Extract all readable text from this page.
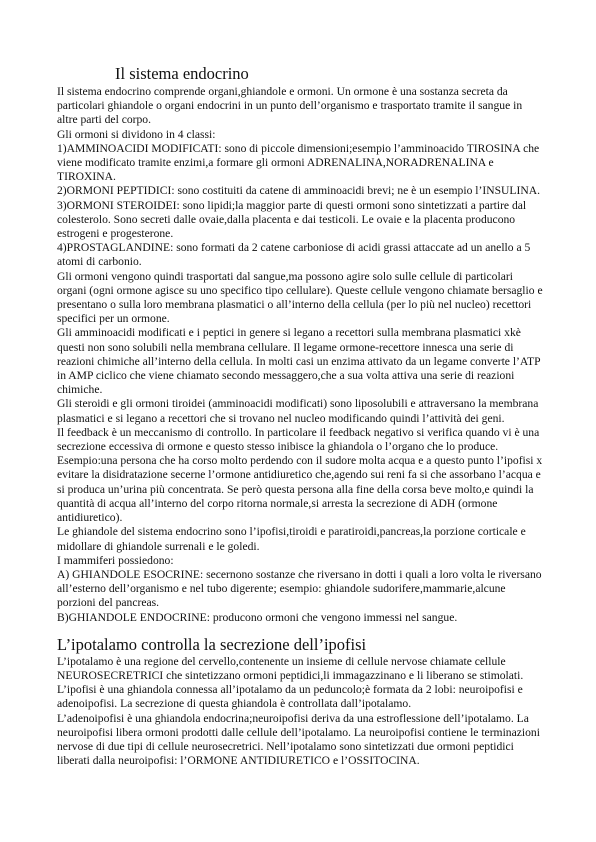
Il sistema endocrino

Il sistema endocrino comprende organi,ghiandole e ormoni. Un ormone è una sostanza secreta da particolari ghiandole o organi endocrini in un punto dell’organismo e trasportato tramite il sangue in altre parti del corpo.

Gli ormoni si dividono in 4 classi:

1)AMMINOACIDI MODIFICATI: sono di piccole dimensioni;esempio l’amminoacido TIROSINA che viene modificato tramite enzimi,a formare gli ormoni ADRENALINA,NORADRENALINA e TIROXINA.

2)ORMONI PEPTIDICI: sono costituiti da catene di amminoacidi brevi; ne è un esempio l’INSULINA.

3)ORMONI STEROIDEI: sono lipidi;la maggior parte di questi ormoni sono sintetizzati a partire dal colesterolo. Sono secreti dalle ovaie,dalla placenta e dai testicoli. Le ovaie e la placenta producono estrogeni e progesterone.

4)PROSTAGLANDINE: sono formati da 2 catene carboniose di acidi grassi attaccate ad un anello a 5 atomi di carbonio.

Gli ormoni vengono quindi trasportati dal sangue,ma possono agire solo sulle cellule di particolari organi (ogni ormone agisce su uno specifico tipo cellulare). Queste cellule vengono chiamate bersaglio e presentano o sulla loro membrana plasmatici o all’interno della cellula (per lo più nel nucleo) recettori specifici per un ormone.

Gli amminoacidi modificati e i peptici in genere si legano a recettori sulla membrana plasmatici xkè questi non sono solubili nella membrana cellulare. Il legame ormone-recettore innesca una serie di reazioni chimiche all’interno della cellula. In molti casi un enzima attivato da un legame converte l’ATP in AMP ciclico che viene chiamato secondo messaggero,che a sua volta attiva una serie di reazioni chimiche.

Gli steroidi e gli ormoni tiroidei (amminoacidi modificati) sono liposolubili e attraversano la membrana plasmatici e si legano a recettori che si trovano nel nucleo modificando quindi l’attività dei geni.

Il feedback è un meccanismo di controllo. In particolare il feedback negativo si verifica quando vi è una secrezione eccessiva di ormone e questo stesso inibisce la ghiandola o l’organo che lo produce. Esempio:una persona che ha corso molto perdendo con il sudore molta acqua e a questo punto l’ipofisi x evitare la disidratazione secerne l’ormone antidiuretico che,agendo sui reni fa si che assorbano l’acqua e si produca un’urina più concentrata. Se però questa persona alla fine della corsa beve molto,e quindi la quantità di acqua all’interno del corpo ritorna normale,si arresta la secrezione di ADH (ormone antidiuretico).

Le ghiandole del sistema endocrino sono l’ipofisi,tiroidi e paratiroidi,pancreas,la porzione corticale e midollare di ghiandole surrenali e le goledi.

I mammiferi possiedono:

A) GHIANDOLE ESOCRINE: secernono sostanze che riversano in dotti i quali a loro volta le riversano all’esterno dell’organismo e nel tubo digerente; esempio: ghiandole sudorifere,mammarie,alcune porzioni del pancreas.

B)GHIANDOLE ENDOCRINE: producono ormoni che vengono immessi nel sangue.

L’ipotalamo controlla la secrezione dell’ipofisi

L’ipotalamo è una regione del cervello,contenente un insieme di cellule nervose chiamate cellule NEUROSECRETRICI che sintetizzano ormoni peptidici,li immagazzinano e li liberano se stimolati. L’ipofisi è una ghiandola connessa all’ipotalamo da un peduncolo;è formata da 2 lobi: neuroipofisi e adenoipofisi. La secrezione di questa ghiandola è controllata dall’ipotalamo.

L’adenoipofisi è una ghiandola endocrina;neuroipofisi deriva da una estroflessione dell’ipotalamo. La neuroipofisi libera ormoni prodotti dalle cellule dell’ipotalamo. La neuroipofisi contiene le terminazioni nervose di due tipi di cellule neurosecretrici. Nell’ipotalamo sono sintetizzati due ormoni peptidici liberati dalla neuroipofisi: l’ORMONE ANTIDIURETICO e l’OSSITOCINA.
